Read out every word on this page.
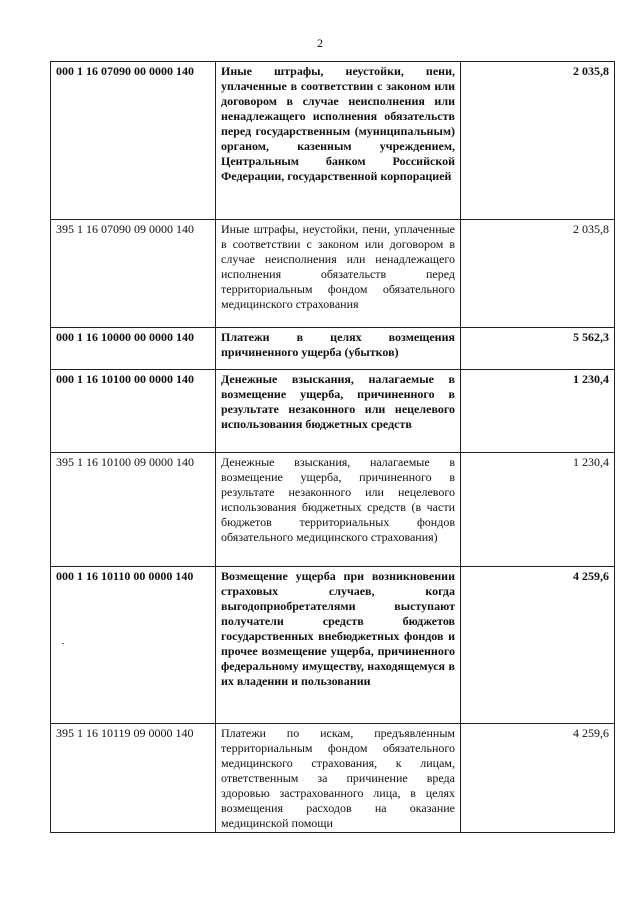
2
000 1 16 07090 00 0000 140	Иные штрафы, неустойки, пени, уплаченные в соответствии с законом или договором в случае неисполнения или ненадлежащего исполнения обязательств перед государственным (муниципальным) органом, казенным учреждением, Центральным банком Российской Федерации, государственной корпорацией	2 035,8
395 1 16 07090 09 0000 140	Иные штрафы, неустойки, пени, уплаченные в соответствии с законом или договором в случае неисполнения или ненадлежащего исполнения обязательств перед территориальным фондом обязательного медицинского страхования	2 035,8
000 1 16 10000 00 0000 140	Платежи в целях возмещения причиненного ущерба (убытков)	5 562,3
000 1 16 10100 00 0000 140	Денежные взыскания, налагаемые в возмещение ущерба, причиненного в результате незаконного или нецелевого использования бюджетных средств	1 230,4
395 1 16 10100 09 0000 140	Денежные взыскания, налагаемые в возмещение ущерба, причиненного в результате незаконного или нецелевого использования бюджетных средств (в части бюджетов территориальных фондов обязательного медицинского страхования)	1 230,4
000 1 16 10110 00 0000 140	Возмещение ущерба при возникновении страховых случаев, когда выгодоприобретателями выступают получатели средств бюджетов государственных внебюджетных фондов и прочее возмещение ущерба, причиненного федеральному имуществу, находящемуся в их владении и пользовании	4 259,6
395 1 16 10119 09 0000 140	Платежи по искам, предъявленным территориальным фондом обязательного медицинского страхования, к лицам, ответственным за причинение вреда здоровью застрахованного лица, в целях возмещения расходов на оказание медицинской помощи	4 259,6
